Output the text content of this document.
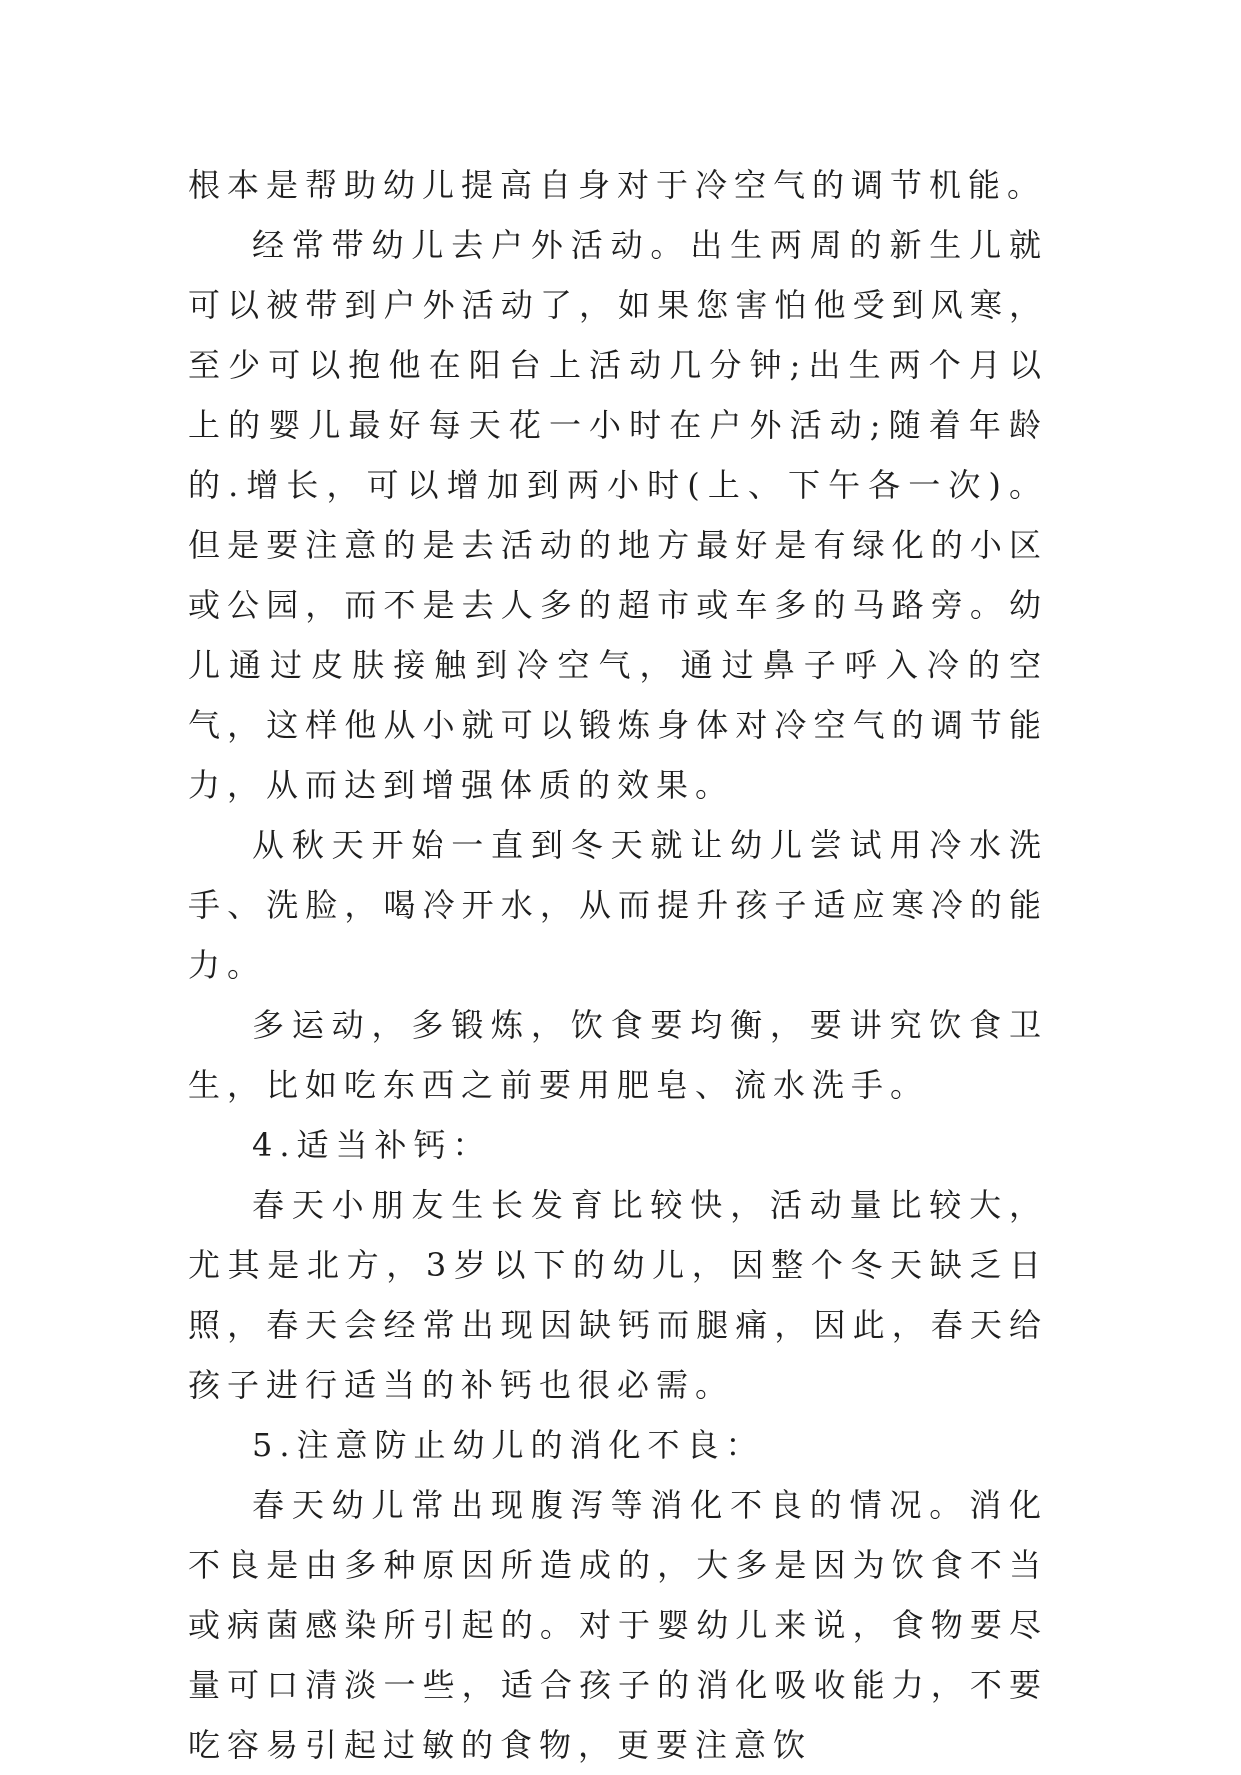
根本是帮助幼儿提高自身对于冷空气的调节机能。

经常带幼儿去户外活动。出生两周的新生儿就可以被带到户外活动了，如果您害怕他受到风寒，至少可以抱他在阳台上活动几分钟;出生两个月以上的婴儿最好每天花一小时在户外活动;随着年龄的.增长，可以增加到两小时(上、下午各一次)。但是要注意的是去活动的地方最好是有绿化的小区或公园，而不是去人多的超市或车多的马路旁。幼儿通过皮肤接触到冷空气，通过鼻子呼入冷的空气，这样他从小就可以锻炼身体对冷空气的调节能力，从而达到增强体质的效果。

从秋天开始一直到冬天就让幼儿尝试用冷水洗手、洗脸，喝冷开水，从而提升孩子适应寒冷的能力。

多运动，多锻炼，饮食要均衡，要讲究饮食卫生，比如吃东西之前要用肥皂、流水洗手。

4.适当补钙：

春天小朋友生长发育比较快，活动量比较大，尤其是北方，3岁以下的幼儿，因整个冬天缺乏日照，春天会经常出现因缺钙而腿痛，因此，春天给孩子进行适当的补钙也很必需。

5.注意防止幼儿的消化不良：

春天幼儿常出现腹泻等消化不良的情况。消化不良是由多种原因所造成的，大多是因为饮食不当或病菌感染所引起的。对于婴幼儿来说，食物要尽量可口清淡一些，适合孩子的消化吸收能力，不要吃容易引起过敏的食物，更要注意饮
